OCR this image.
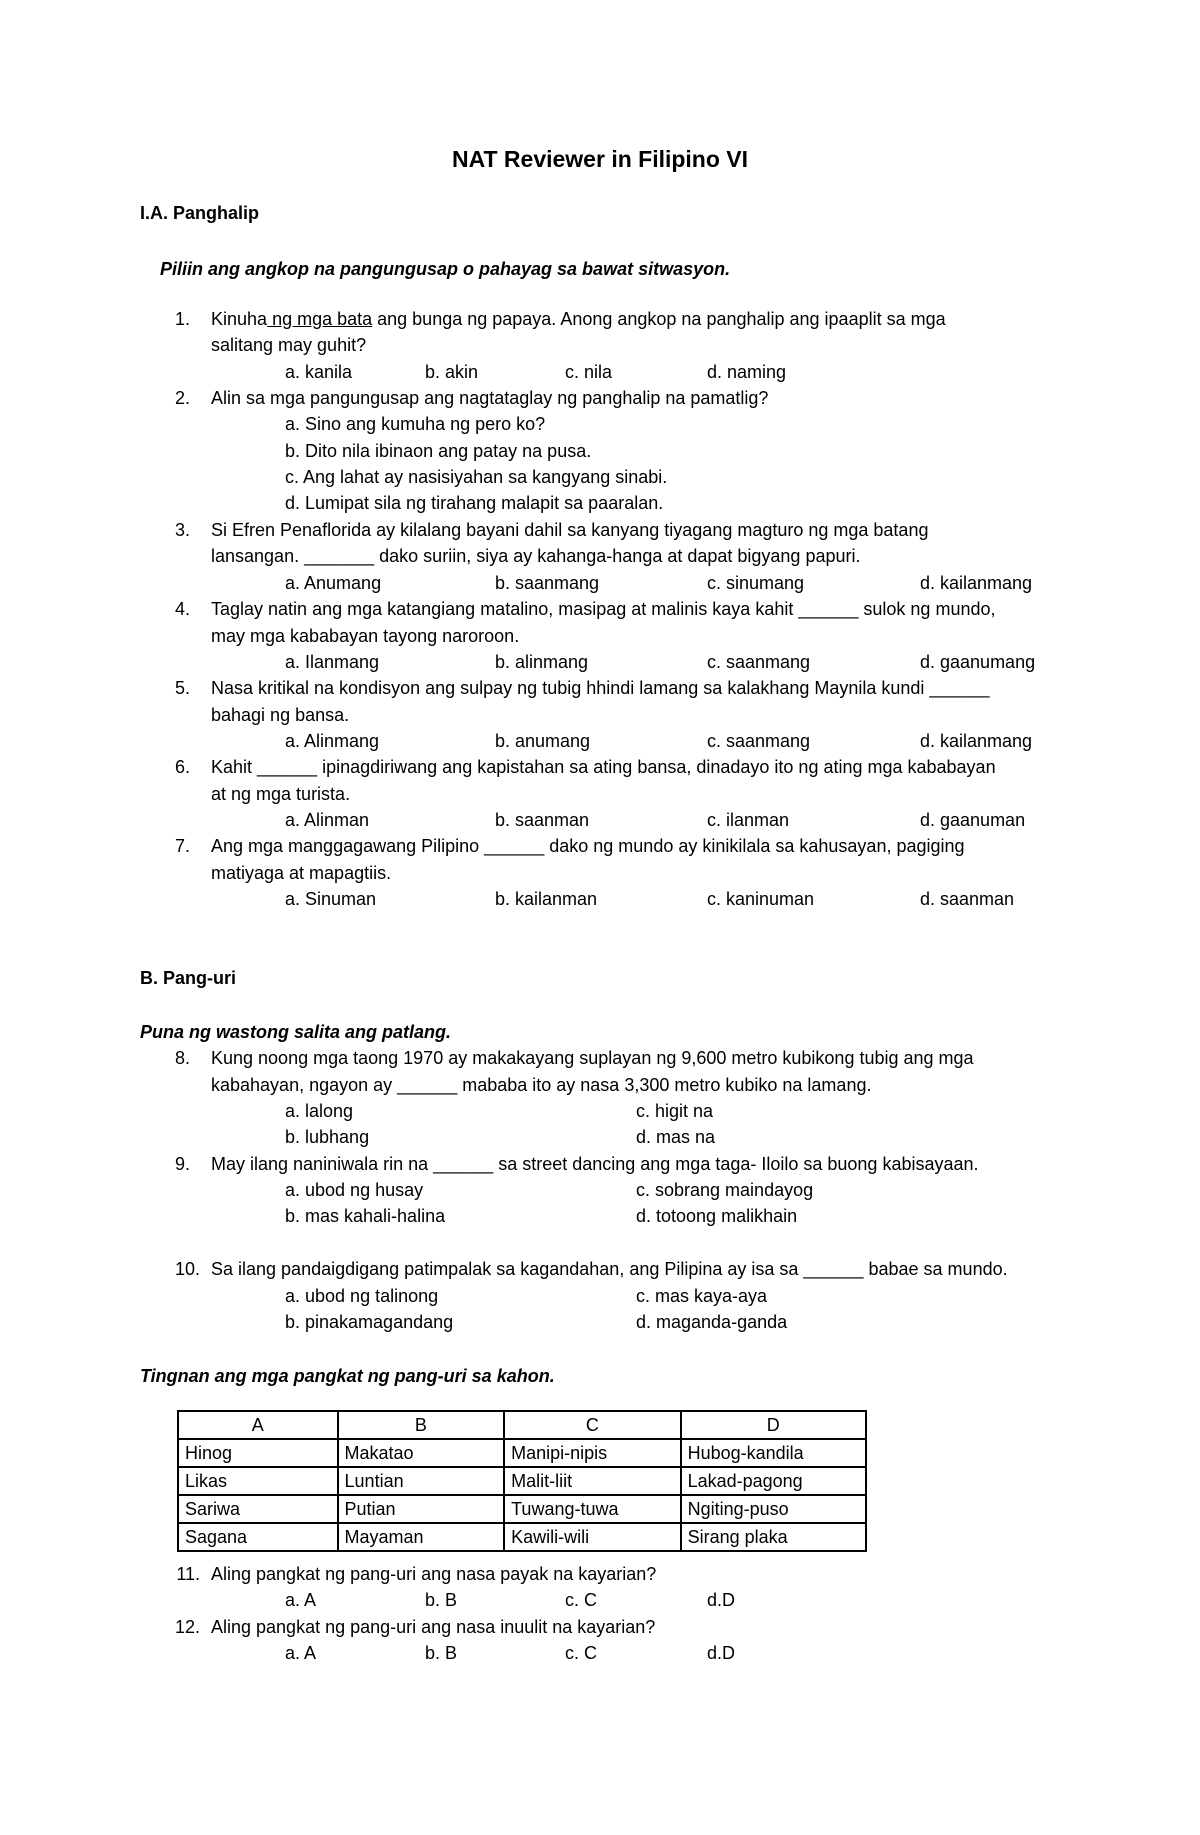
NAT Reviewer in Filipino VI
I.A. Panghalip
Piliin ang angkop na pangungusap o pahayag sa bawat sitwasyon.
1. Kinuha ng mga bata ang bunga ng papaya. Anong angkop na panghalip ang ipaaplit sa mga
salitang may guhit?
a. kanila	b. akin	c. nila	d. naming
2. Alin sa mga pangungusap ang nagtataglay ng panghalip na pamatlig?
a. Sino ang kumuha ng pero ko?
b. Dito nila ibinaon ang patay na pusa.
c. Ang lahat ay nasisiyahan sa kangyang sinabi.
d. Lumipat sila ng tirahang malapit sa paaralan.
3. Si Efren Penaflorida ay kilalang bayani dahil sa kanyang tiyagang magturo ng mga batang
lansangan. _______ dako suriin, siya ay kahanga-hanga at dapat bigyang papuri.
a. Anumang	b. saanmang	c. sinumang	d. kailanmang
4. Taglay natin ang mga katangiang matalino, masipag at malinis kaya kahit ______ sulok ng mundo,
may mga kababayan tayong naroroon.
a. Ilanmang	b. alinmang	c. saanmang	d. gaanumang
5. Nasa kritikal na kondisyon ang sulpay ng tubig hhindi lamang sa kalakhang Maynila kundi ______
bahagi ng bansa.
a. Alinmang	b. anumang	c. saanmang	d. kailanmang
6. Kahit ______ ipinagdiriwang ang kapistahan sa ating bansa, dinadayo ito ng ating mga kababayan
at ng mga turista.
a. Alinman	b. saanman	c. ilanman	d. gaanuman
7. Ang mga manggagawang Pilipino ______ dako ng mundo ay kinikilala sa kahusayan, pagiging
matiyaga at mapagtiis.
a. Sinuman	b. kailanman	c. kaninuman	d. saanman
B. Pang-uri
Puna ng wastong salita ang patlang.
8. Kung noong mga taong 1970 ay makakayang suplayan ng 9,600 metro kubikong tubig ang mga
kabahayan, ngayon ay ______ mababa ito ay nasa 3,300 metro kubiko na lamang.
a. lalong	c. higit na
b. lubhang	d. mas na
9. May ilang naniniwala rin na ______ sa street dancing ang mga taga- Iloilo sa buong kabisayaan.
a. ubod ng husay	c. sobrang maindayog
b. mas kahali-halina	d. totoong malikhain
10. Sa ilang pandaigdigang patimpalak sa kagandahan, ang Pilipina ay isa sa ______ babae sa mundo.
a. ubod ng talinong	c. mas kaya-aya
b. pinakamagandang	d. maganda-ganda
Tingnan ang mga pangkat ng pang-uri sa kahon.
A	B	C	D
Hinog	Makatao	Manipi-nipis	Hubog-kandila
Likas	Luntian	Malit-liit	Lakad-pagong
Sariwa	Putian	Tuwang-tuwa	Ngiting-puso
Sagana	Mayaman	Kawili-wili	Sirang plaka
11. Aling pangkat ng pang-uri ang nasa payak na kayarian?
a. A	b. B	c. C	d.D
12. Aling pangkat ng pang-uri ang nasa inuulit na kayarian?
a. A	b. B	c. C	d.D
